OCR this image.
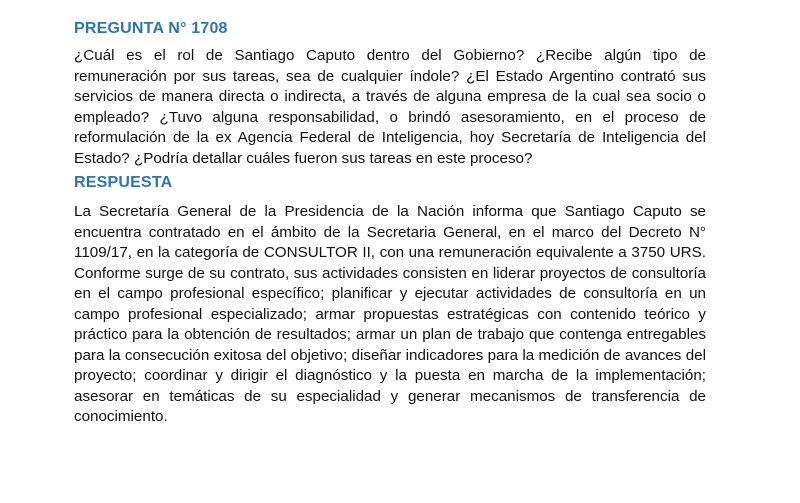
PREGUNTA N° 1708

¿Cuál es el rol de Santiago Caputo dentro del Gobierno? ¿Recibe algún tipo de remuneración por sus tareas, sea de cualquier índole? ¿El Estado Argentino contrató sus servicios de manera directa o indirecta, a través de alguna empresa de la cual sea socio o empleado? ¿Tuvo alguna responsabilidad, o brindó asesoramiento, en el proceso de reformulación de la ex Agencia Federal de Inteligencia, hoy Secretaría de Inteligencia del Estado? ¿Podría detallar cuáles fueron sus tareas en este proceso?

RESPUESTA

La Secretaría General de la Presidencia de la Nación informa que Santiago Caputo se encuentra contratado en el ámbito de la Secretaria General, en el marco del Decreto N° 1109/17, en la categoría de CONSULTOR II, con una remuneración equivalente a 3750 URS. Conforme surge de su contrato, sus actividades consisten en liderar proyectos de consultoría en el campo profesional específico; planificar y ejecutar actividades de consultoría en un campo profesional especializado; armar propuestas estratégicas con contenido teórico y práctico para la obtención de resultados; armar un plan de trabajo que contenga entregables para la consecución exitosa del objetivo; diseñar indicadores para la medición de avances del proyecto; coordinar y dirigir el diagnóstico y la puesta en marcha de la implementación; asesorar en temáticas de su especialidad y generar mecanismos de transferencia de conocimiento.
